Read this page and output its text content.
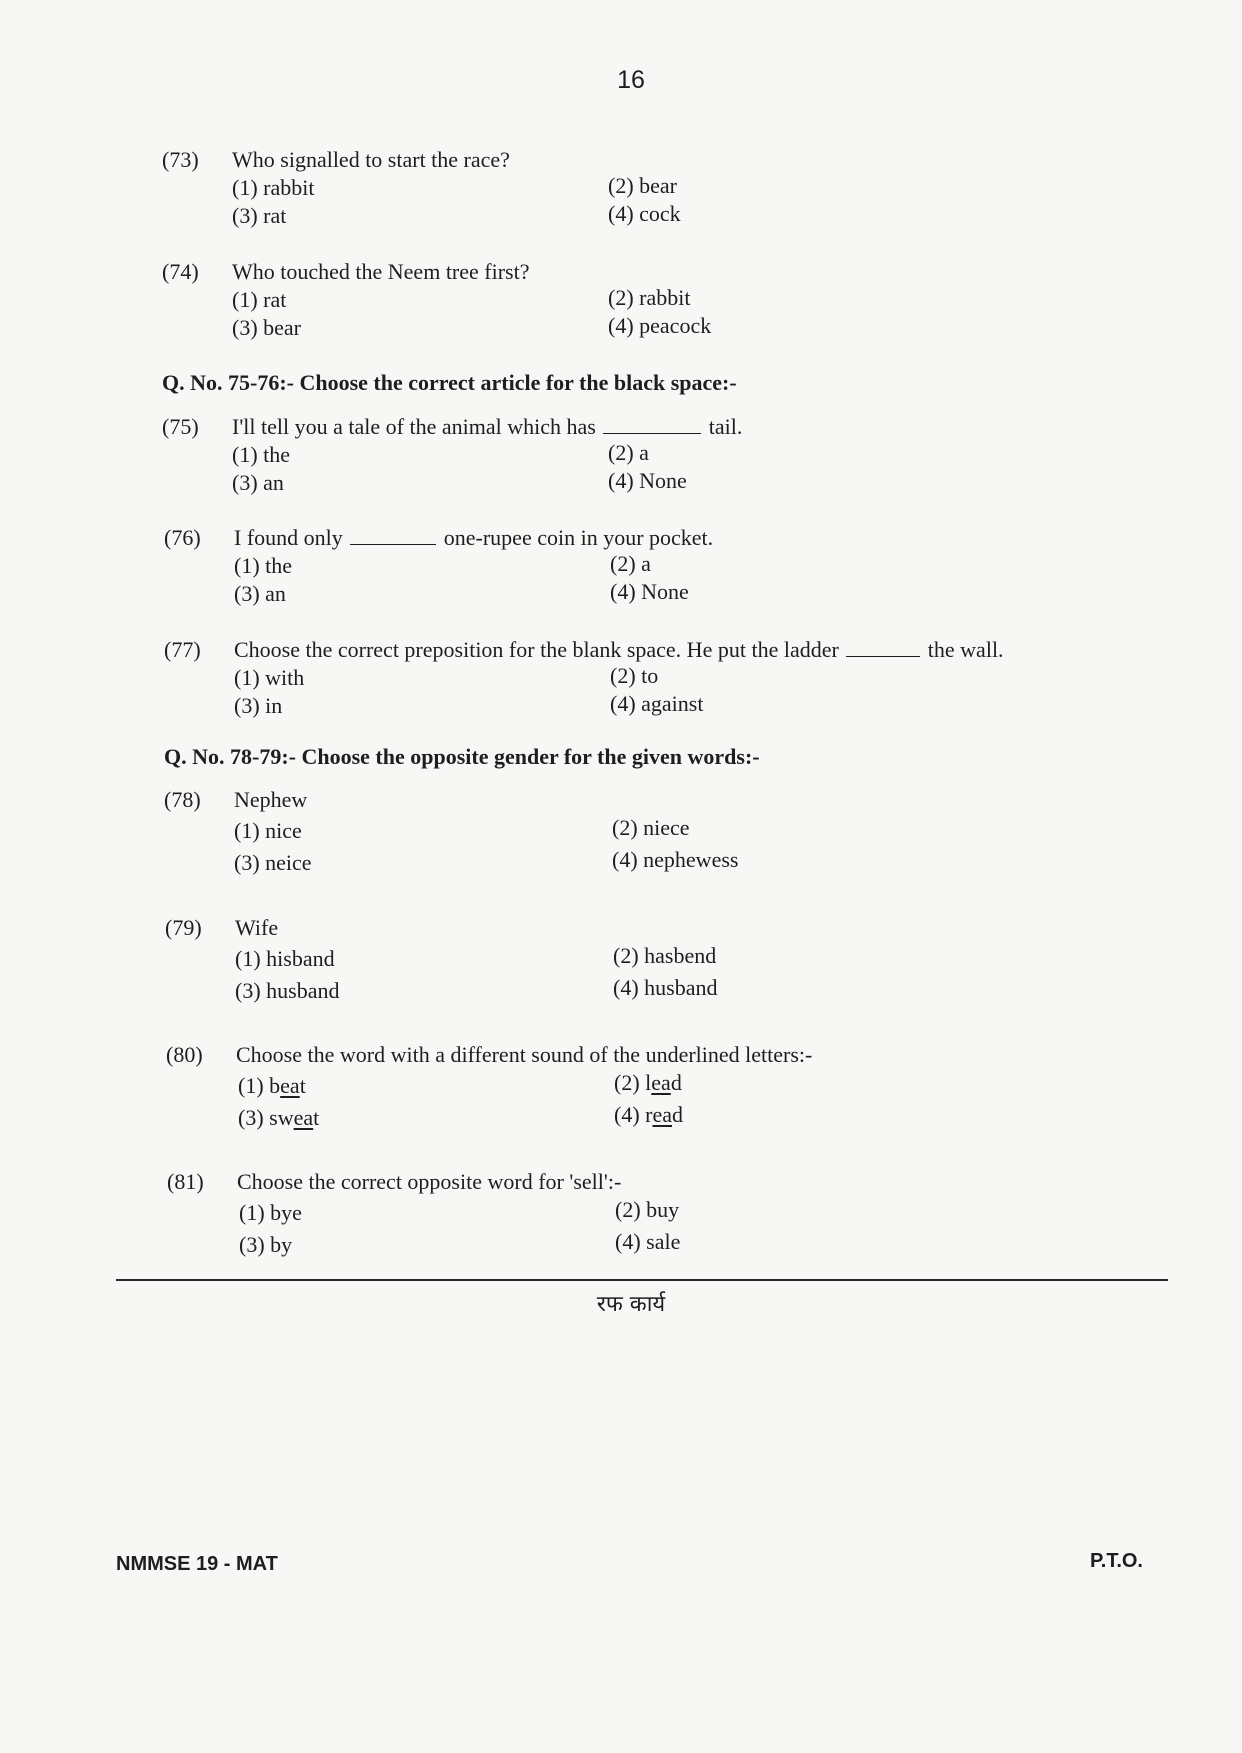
16
(73)	Who signalled to start the race?
(1) rabbit	(2) bear
(3) rat	(4) cock
(74)	Who touched the Neem tree first?
(1) rat	(2) rabbit
(3) bear	(4) peacock
Q. No. 75-76:- Choose the correct article for the black space:-
(75)	I'll tell you a tale of the animal which has	tail.
(1) the	(2) a
(3) an	(4) None
(76)	I found only	one-rupee coin in your pocket.
(1) the	(2) a
(3) an	(4) None
(77)	Choose the correct preposition for the blank space. He put the ladder	the wall.
(1) with	(2) to
(3) in	(4) against
Q. No. 78-79:- Choose the opposite gender for the given words:-
(78)	Nephew
(1) nice	(2) niece
(3) neice	(4) nephewess
(79)	Wife
(1) hisband	(2) hasbend
(3) husband	(4) husband
(80)	Choose the word with a different sound of the underlined letters:-
(1) beat	(2) lead
(3) sweat	(4) read
(81)	Choose the correct opposite word for 'sell':-
(1) bye	(2) buy
(3) by	(4) sale
रफ कार्य
NMMSE 19 - MAT	P.T.O.
